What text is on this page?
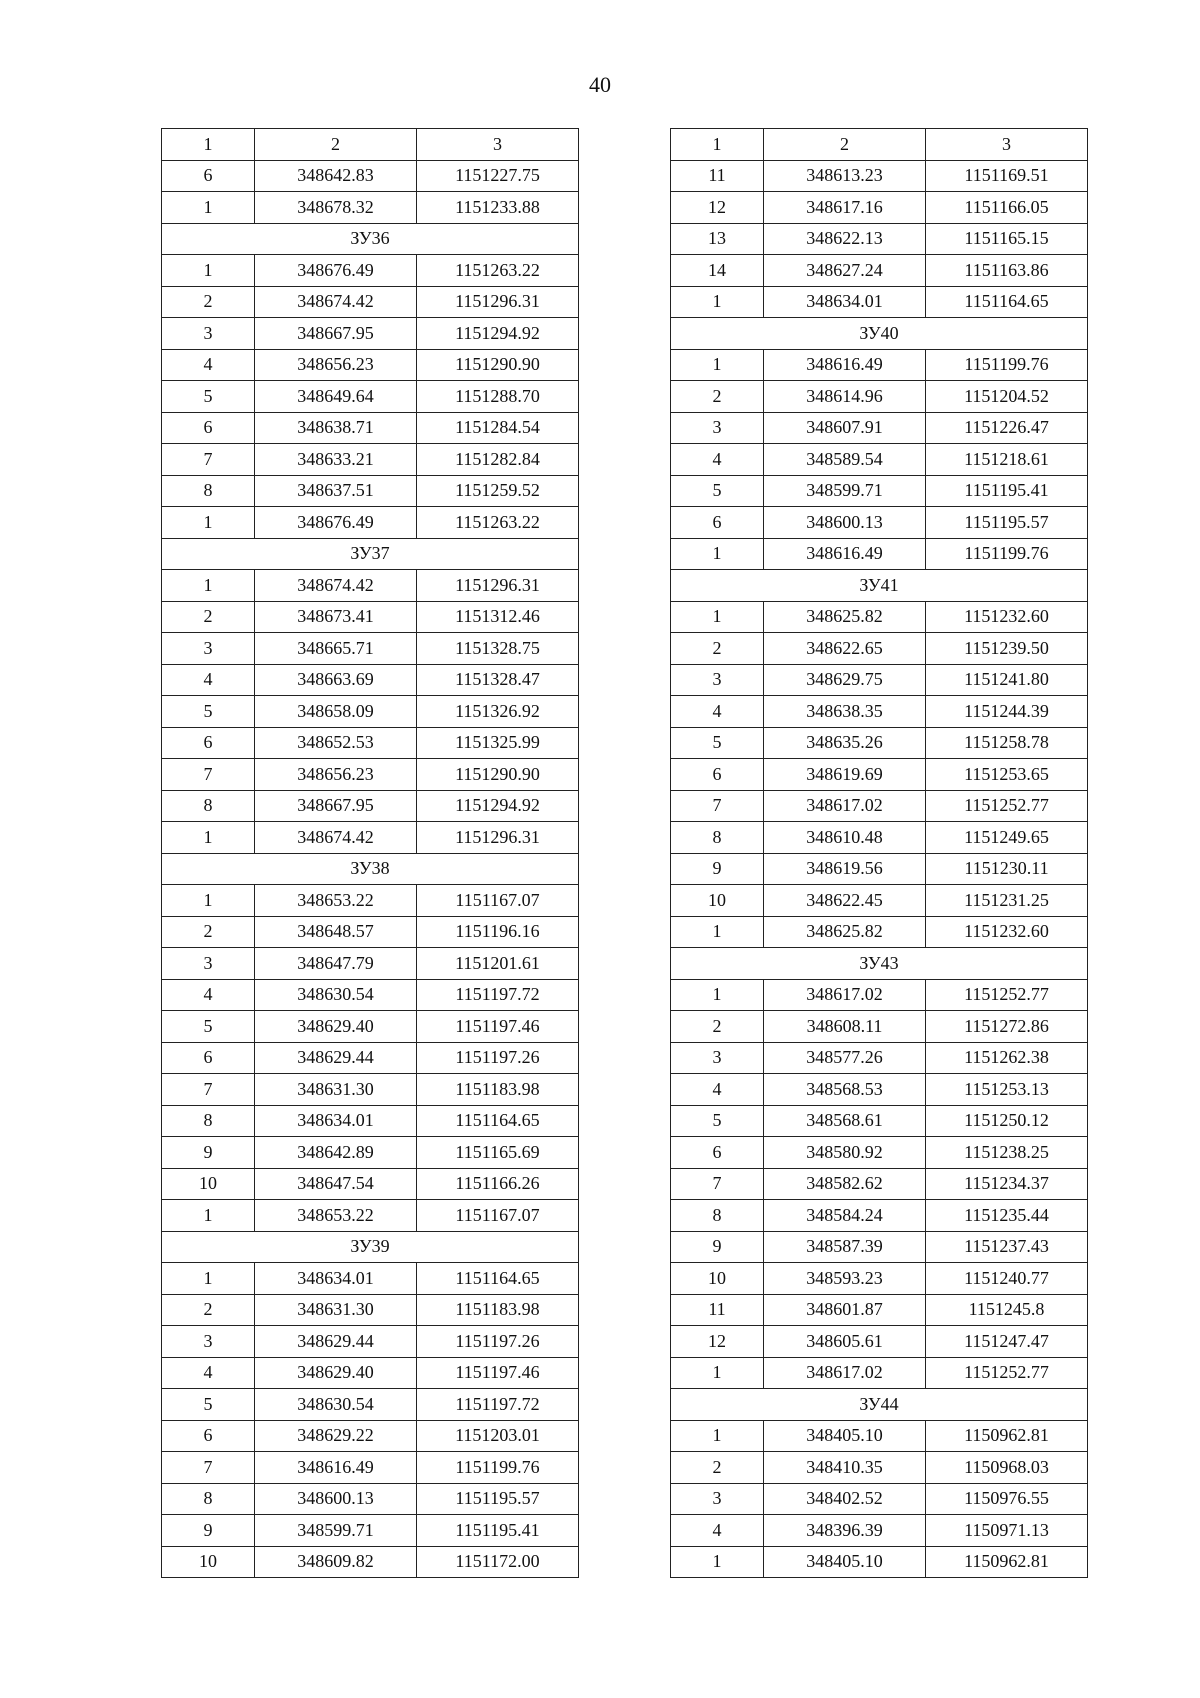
40
1	2	3
6	348642.83	1151227.75
1	348678.32	1151233.88
ЗУ36		
1	348676.49	1151263.22
2	348674.42	1151296.31
3	348667.95	1151294.92
4	348656.23	1151290.90
5	348649.64	1151288.70
6	348638.71	1151284.54
7	348633.21	1151282.84
8	348637.51	1151259.52
1	348676.49	1151263.22
ЗУ37		
1	348674.42	1151296.31
2	348673.41	1151312.46
3	348665.71	1151328.75
4	348663.69	1151328.47
5	348658.09	1151326.92
6	348652.53	1151325.99
7	348656.23	1151290.90
8	348667.95	1151294.92
1	348674.42	1151296.31
ЗУ38		
1	348653.22	1151167.07
2	348648.57	1151196.16
3	348647.79	1151201.61
4	348630.54	1151197.72
5	348629.40	1151197.46
6	348629.44	1151197.26
7	348631.30	1151183.98
8	348634.01	1151164.65
9	348642.89	1151165.69
10	348647.54	1151166.26
1	348653.22	1151167.07
ЗУ39		
1	348634.01	1151164.65
2	348631.30	1151183.98
3	348629.44	1151197.26
4	348629.40	1151197.46
5	348630.54	1151197.72
6	348629.22	1151203.01
7	348616.49	1151199.76
8	348600.13	1151195.57
9	348599.71	1151195.41
10	348609.82	1151172.00
1	2	3
11	348613.23	1151169.51
12	348617.16	1151166.05
13	348622.13	1151165.15
14	348627.24	1151163.86
1	348634.01	1151164.65
ЗУ40		
1	348616.49	1151199.76
2	348614.96	1151204.52
3	348607.91	1151226.47
4	348589.54	1151218.61
5	348599.71	1151195.41
6	348600.13	1151195.57
1	348616.49	1151199.76
ЗУ41		
1	348625.82	1151232.60
2	348622.65	1151239.50
3	348629.75	1151241.80
4	348638.35	1151244.39
5	348635.26	1151258.78
6	348619.69	1151253.65
7	348617.02	1151252.77
8	348610.48	1151249.65
9	348619.56	1151230.11
10	348622.45	1151231.25
1	348625.82	1151232.60
ЗУ43		
1	348617.02	1151252.77
2	348608.11	1151272.86
3	348577.26	1151262.38
4	348568.53	1151253.13
5	348568.61	1151250.12
6	348580.92	1151238.25
7	348582.62	1151234.37
8	348584.24	1151235.44
9	348587.39	1151237.43
10	348593.23	1151240.77
11	348601.87	1151245.8
12	348605.61	1151247.47
1	348617.02	1151252.77
ЗУ44		
1	348405.10	1150962.81
2	348410.35	1150968.03
3	348402.52	1150976.55
4	348396.39	1150971.13
1	348405.10	1150962.81
